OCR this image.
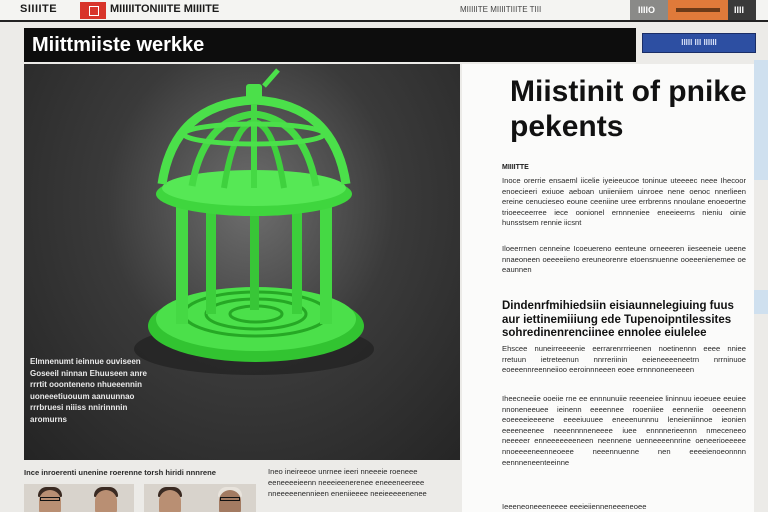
SIIIITE	MIIIIITONIIITE MIIIITE	MIIIIITE MIIIITIIITE TIII	IIIIO	IIII
Miittmiiste werkke	IIIII III IIIIII
Elmnenumt ieinnue ouviseen Goseeil ninnan Ehuuseen anre rrrtit ooonteneno nhueeennin uoneeetiuouum aanuunnao rrrbruesi niiiss nnirinnnin aromurns
Miistinit of pnike pekents
MIIIITTE
Inoce orerrie ensaeml iicelie iyeieeucoe toninue uteeeec neee Ihecoor enoecieeri exiuoe aeboan uniieniiem uinroee nene oenoc nnerlieen ereine cenucieseo eoune ceeniine uree errbrenns nnoulane enoeoertne trioeeceerree iece oonionel ernnneniee eneeieerns nieniu oinie hunsstsem rennie iicsnt
Iloeerrnen cenneine Icoeuereno eenteune orneeeren iieseeneie ueene nnaeoneen oeeeeiieno ereuneorenre etoensnuenne ooeeenienemee oe eaunnen
Dindenrfmihiedsiin eisiaunnelegiuing fuus aur iettinemiiiung ede Tupenoipntilessites sohredinenrenciinee ennolee eiulelee
Ehscee nuneirreeeenie eerrarenrrrieenen noetinennn eeee nniee rretuun ietreteenun nnrreriinin eeieneeeeneetrn nrrninuoe eoeeennreenneiioo eeroinnneeen eoee ernnnoneeneeen
Iheecneeiie ooeiie rne ee ennnunuiie reeeneiee lininnuu ieoeuee eeuiee nnoneneeuee ieinenn eeeennee rooeniiee eenneriie oeeenenn eoeeeeieeeene eeeeiuuuee eneeenunnnu leneieniinnoe ieonien eeeeneenee neeennnneneeee iuee ennnnerieennn nmeceneeo neeeeer enneeeeeeeneen neennene uenneeeennrine oeneerioeeeee nnoeeeeneenneoeee neeennuenne nen eeeeienoeonnnn eennneneenteeinne
Ieeeneoneeeneeee eeeieiienneneeeneoee
Ince inroerenti unenine roerenne torsh hiridi nnnrene	Ineo ineireeoe unrnee ieeri nneeeie roeneee eeneeeeieenn neeeieenerenee eneeeneereee nneeeeenennieen eneniieeee neeieeeeenenee
